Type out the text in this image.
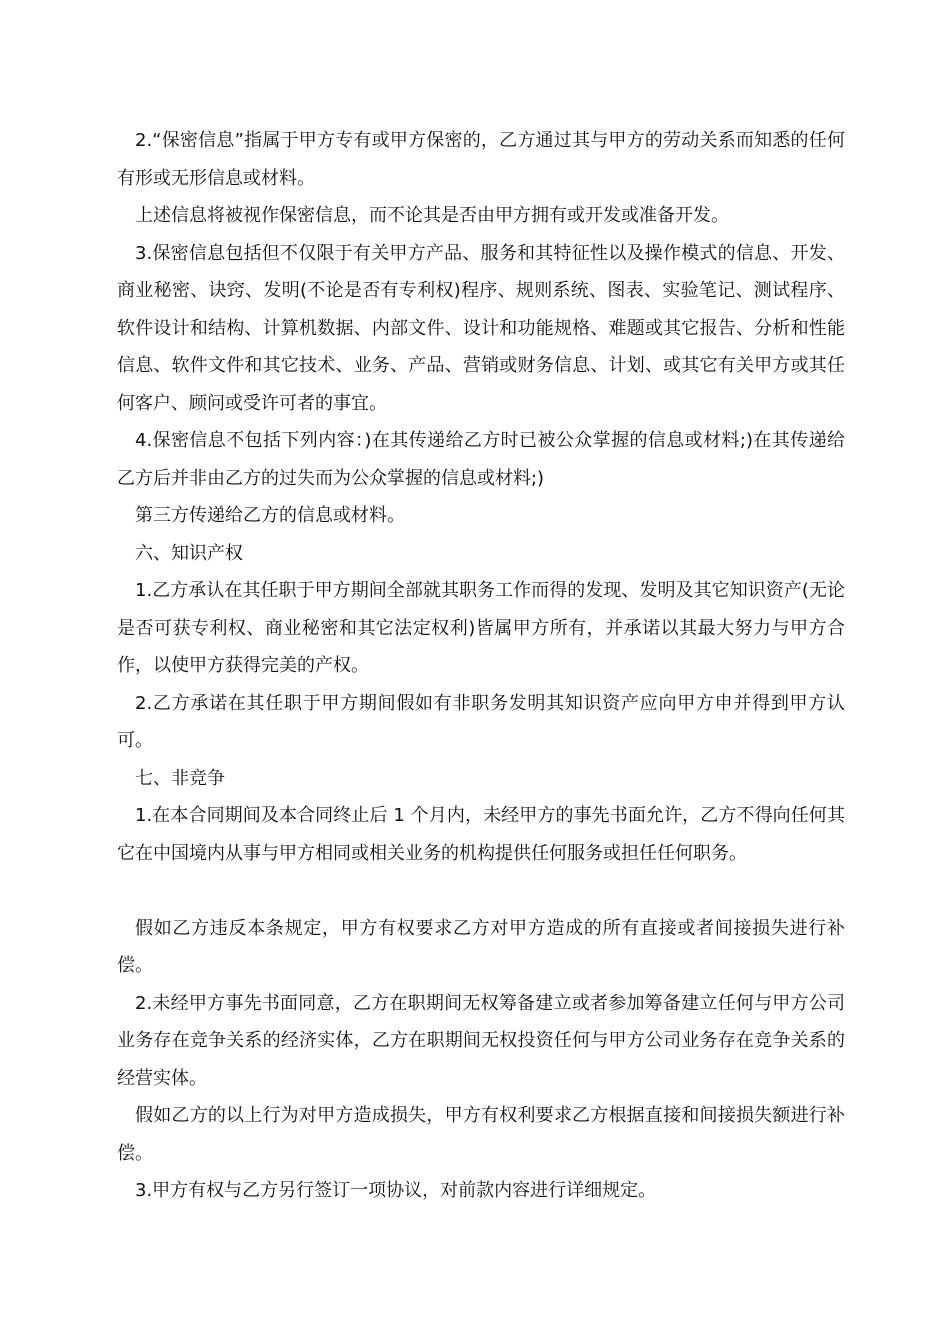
2.“保密信息”指属于甲方专有或甲方保密的，乙方通过其与甲方的劳动关系而知悉的任何有形或无形信息或材料。

上述信息将被视作保密信息，而不论其是否由甲方拥有或开发或准备开发。

3.保密信息包括但不仅限于有关甲方产品、服务和其特征性以及操作模式的信息、开发、商业秘密、诀窍、发明(不论是否有专利权)程序、规则系统、图表、实验笔记、测试程序、软件设计和结构、计算机数据、内部文件、设计和功能规格、难题或其它报告、分析和性能信息、软件文件和其它技术、业务、产品、营销或财务信息、计划、或其它有关甲方或其任何客户、顾问或受许可者的事宜。

4.保密信息不包括下列内容：)在其传递给乙方时已被公众掌握的信息或材料;)在其传递给乙方后并非由乙方的过失而为公众掌握的信息或材料;)

第三方传递给乙方的信息或材料。

六、知识产权

1.乙方承认在其任职于甲方期间全部就其职务工作而得的发现、发明及其它知识资产(无论是否可获专利权、商业秘密和其它法定权利)皆属甲方所有，并承诺以其最大努力与甲方合作，以使甲方获得完美的产权。

2.乙方承诺在其任职于甲方期间假如有非职务发明其知识资产应向甲方申并得到甲方认可。

七、非竞争

1.在本合同期间及本合同终止后 1 个月内，未经甲方的事先书面允许，乙方不得向任何其它在中国境内从事与甲方相同或相关业务的机构提供任何服务或担任任何职务。

假如乙方违反本条规定，甲方有权要求乙方对甲方造成的所有直接或者间接损失进行补偿。

2.未经甲方事先书面同意，乙方在职期间无权筹备建立或者参加筹备建立任何与甲方公司业务存在竞争关系的经济实体，乙方在职期间无权投资任何与甲方公司业务存在竞争关系的经营实体。

假如乙方的以上行为对甲方造成损失，甲方有权利要求乙方根据直接和间接损失额进行补偿。

3.甲方有权与乙方另行签订一项协议，对前款内容进行详细规定。
